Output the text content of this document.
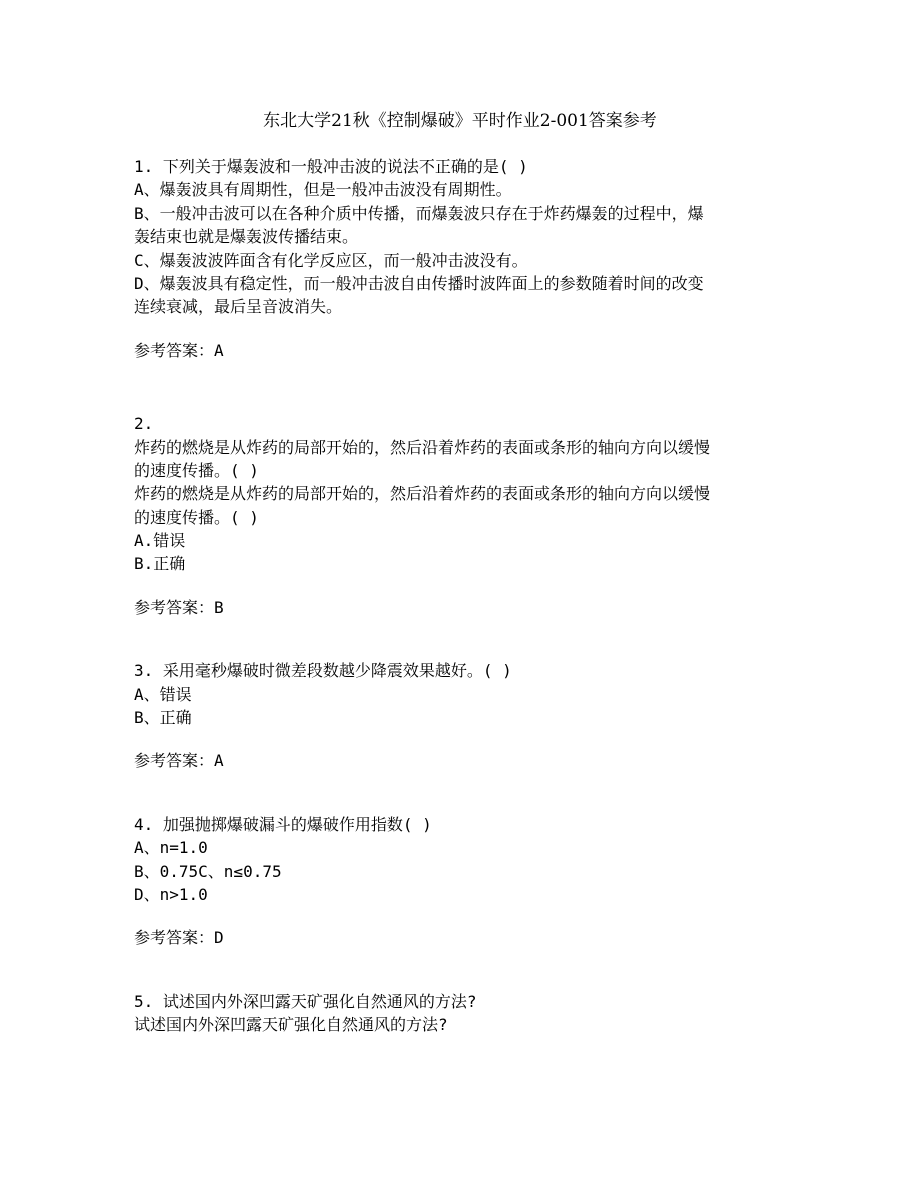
东北大学21秋《控制爆破》平时作业2-001答案参考
1. 下列关于爆轰波和一般冲击波的说法不正确的是( )
A、爆轰波具有周期性，但是一般冲击波没有周期性。
B、一般冲击波可以在各种介质中传播，而爆轰波只存在于炸药爆轰的过程中，爆
轰结束也就是爆轰波传播结束。
C、爆轰波波阵面含有化学反应区，而一般冲击波没有。
D、爆轰波具有稳定性，而一般冲击波自由传播时波阵面上的参数随着时间的改变
连续衰减，最后呈音波消失。
参考答案：A
2.
炸药的燃烧是从炸药的局部开始的，然后沿着炸药的表面或条形的轴向方向以缓慢
的速度传播。( )
炸药的燃烧是从炸药的局部开始的，然后沿着炸药的表面或条形的轴向方向以缓慢
的速度传播。( )
A.错误
B.正确
参考答案：B
3. 采用毫秒爆破时微差段数越少降震效果越好。( )
A、错误
B、正确
参考答案：A
4. 加强抛掷爆破漏斗的爆破作用指数( )
A、n=1.0
B、0.75C、n≤0.75
D、n>1.0
参考答案：D
5. 试述国内外深凹露天矿强化自然通风的方法?
试述国内外深凹露天矿强化自然通风的方法?
